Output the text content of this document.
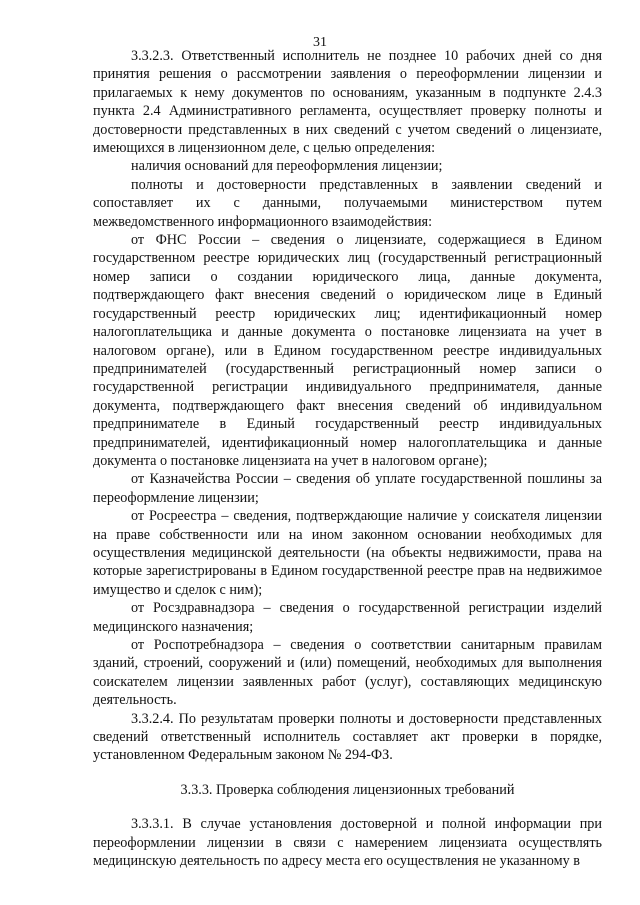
31

3.3.2.3. Ответственный исполнитель не позднее 10 рабочих дней со дня принятия решения о рассмотрении заявления о переоформлении лицензии и прилагаемых к нему документов по основаниям, указанным в подпункте 2.4.3 пункта 2.4 Административного регламента, осуществляет проверку полноты и достоверности представленных в них сведений с учетом сведений о лицензиате, имеющихся в лицензионном деле, с целью определения:

наличия оснований для переоформления лицензии;

полноты и достоверности представленных в заявлении сведений и сопоставляет их с данными, получаемыми министерством путем межведомственного информационного взаимодействия:

от ФНС России – сведения о лицензиате, содержащиеся в Едином государственном реестре юридических лиц (государственный регистрационный номер записи о создании юридического лица, данные документа, подтверждающего факт внесения сведений о юридическом лице в Единый государственный реестр юридических лиц; идентификационный номер налогоплательщика и данные документа о постановке лицензиата на учет в налоговом органе), или в Едином государственном реестре индивидуальных предпринимателей (государственный регистрационный номер записи о государственной регистрации индивидуального предпринимателя, данные документа, подтверждающего факт внесения сведений об индивидуальном предпринимателе в Единый государственный реестр индивидуальных предпринимателей, идентификационный номер налогоплательщика и данные документа о постановке лицензиата на учет в налоговом органе);

от Казначейства России – сведения об уплате государственной пошлины за переоформление лицензии;

от Росреестра – сведения, подтверждающие наличие у соискателя лицензии на праве собственности или на ином законном основании необходимых для осуществления медицинской деятельности (на объекты недвижимости, права на которые зарегистрированы в Едином государственной реестре прав на недвижимое имущество и сделок с ним);

от Росздравнадзора – сведения о государственной регистрации изделий медицинского назначения;

от Роспотребнадзора – сведения о соответствии санитарным правилам зданий, строений, сооружений и (или) помещений, необходимых для выполнения соискателем лицензии заявленных работ (услуг), составляющих медицинскую деятельность.

3.3.2.4. По результатам проверки полноты и достоверности представленных сведений ответственный исполнитель составляет акт проверки в порядке, установленном Федеральным законом № 294-ФЗ.

3.3.3. Проверка соблюдения лицензионных требований

3.3.3.1. В случае установления достоверной и полной информации при переоформлении лицензии в связи с намерением лицензиата осуществлять медицинскую деятельность по адресу места его осуществления не указанному в
